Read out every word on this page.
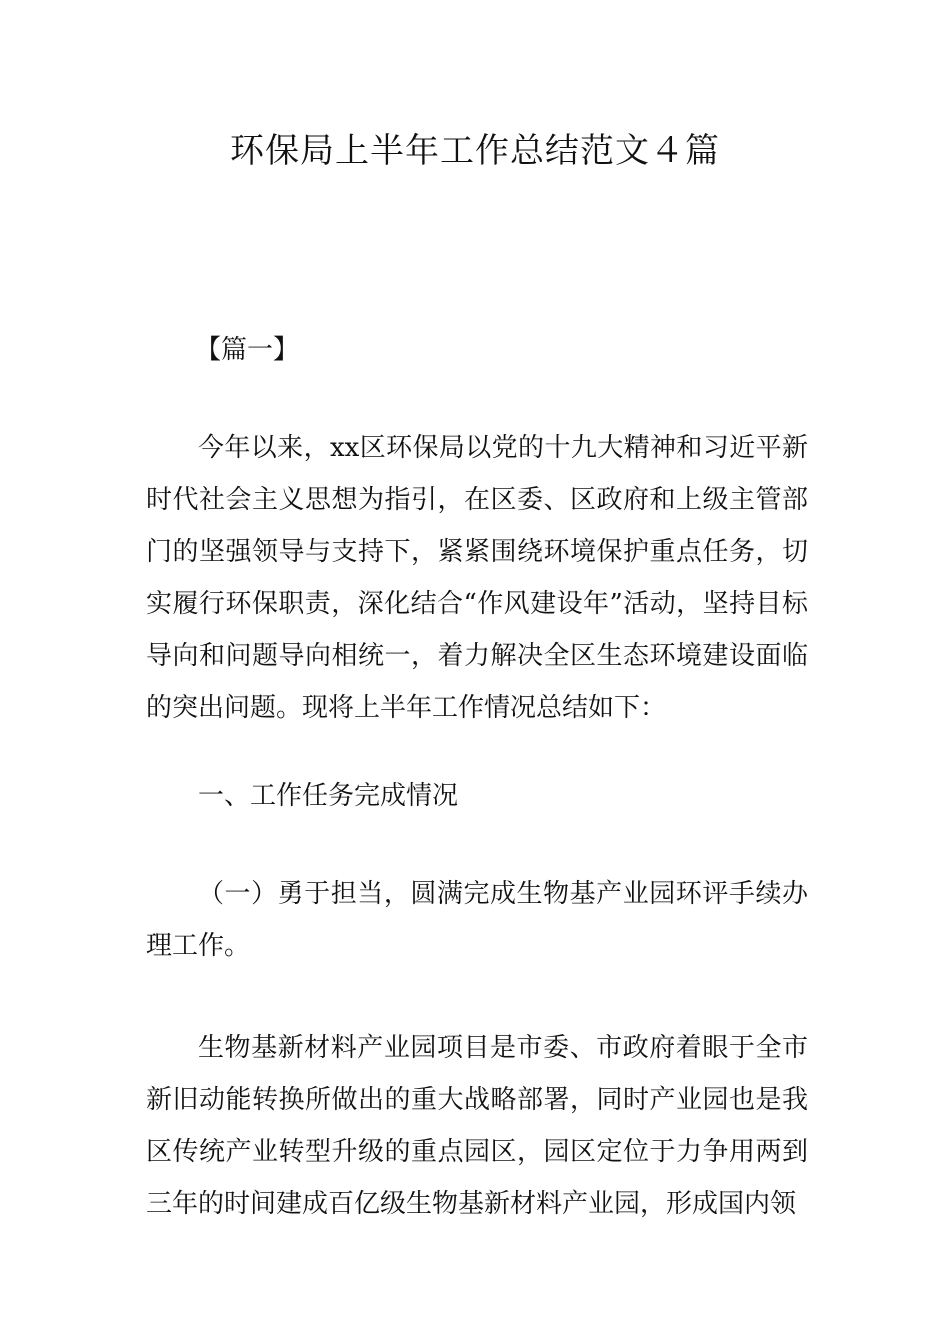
环保局上半年工作总结范文４篇

【篇一】

今年以来，xx区环保局以党的十九大精神和习近平新时代社会主义思想为指引，在区委、区政府和上级主管部门的坚强领导与支持下，紧紧围绕环境保护重点任务，切实履行环保职责，深化结合“作风建设年”活动，坚持目标导向和问题导向相统一，着力解决全区生态环境建设面临的突出问题。现将上半年工作情况总结如下：

一、工作任务完成情况

（一）勇于担当，圆满完成生物基产业园环评手续办理工作。

生物基新材料产业园项目是市委、市政府着眼于全市新旧动能转换所做出的重大战略部署，同时产业园也是我区传统产业转型升级的重点园区，园区定位于力争用两到三年的时间建成百亿级生物基新材料产业园，形成国内领
